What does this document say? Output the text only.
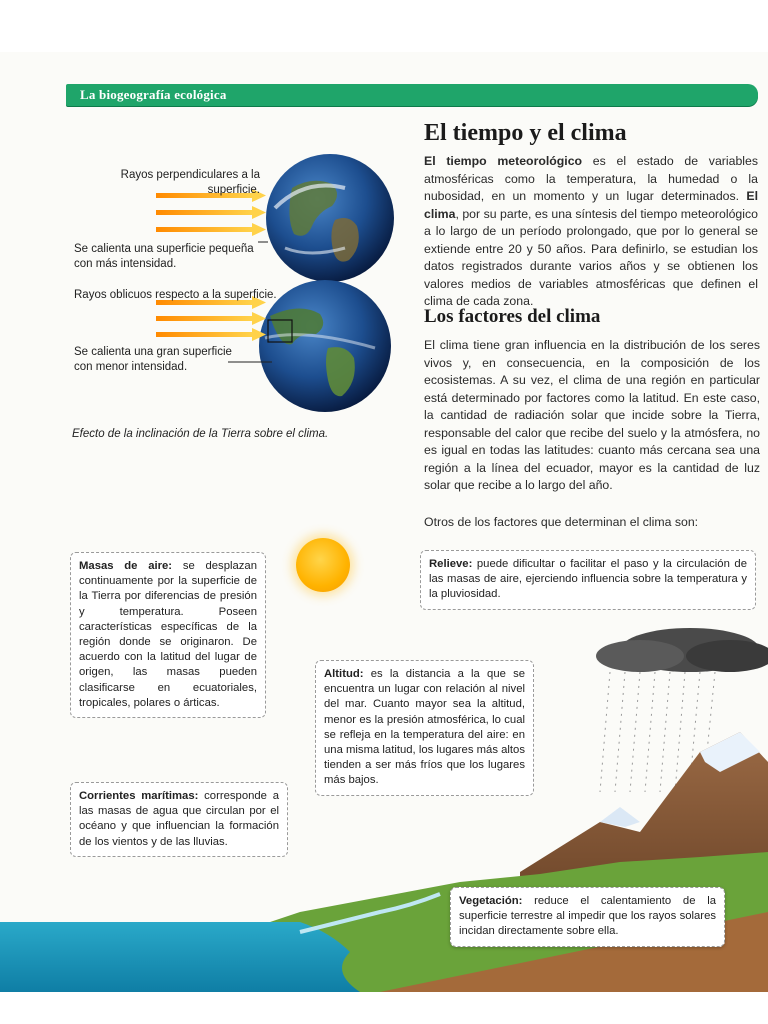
La biogeografía ecológica
Rayos perpendiculares a la superficie.
Se calienta una superficie pequeña con más intensidad.
Rayos oblicuos respecto a la superficie.
Se calienta una gran superficie con menor intensidad.
Efecto de la inclinación de la Tierra sobre el clima.
El tiempo y el clima
El tiempo meteorológico es el estado de variables atmosféricas como la temperatura, la humedad o la nubosidad, en un momento y un lugar determinados. El clima, por su parte, es una síntesis del tiempo meteorológico a lo largo de un período prolongado, que por lo general se extiende entre 20 y 50 años. Para definirlo, se estudian los datos registrados durante varios años y se obtienen los valores medios de variables atmosféricas que definen el clima de cada zona.
Los factores del clima
El clima tiene gran influencia en la distribución de los seres vivos y, en consecuencia, en la composición de los ecosistemas. A su vez, el clima de una región en particular está determinado por factores como la latitud. En este caso, la cantidad de radiación solar que incide sobre la Tierra, responsable del calor que recibe del suelo y la atmósfera, no es igual en todas las latitudes: cuanto más cercana sea una región a la línea del ecuador, mayor es la cantidad de luz solar que recibe a lo largo del año.
Otros de los factores que determinan el clima son:
Masas de aire: se desplazan continuamente por la superficie de la Tierra por diferencias de presión y temperatura. Poseen características específicas de la región donde se originaron. De acuerdo con la latitud del lugar de origen, las masas pueden clasificarse en ecuatoriales, tropicales, polares o árticas.
Relieve: puede dificultar o facilitar el paso y la circulación de las masas de aire, ejerciendo influencia sobre la temperatura y la pluviosidad.
Altitud: es la distancia a la que se encuentra un lugar con relación al nivel del mar. Cuanto mayor sea la altitud, menor es la presión atmosférica, lo cual se refleja en la temperatura del aire: en una misma latitud, los lugares más altos tienden a ser más fríos que los lugares más bajos.
Corrientes marítimas: corresponde a las masas de agua que circulan por el océano y que influencian la formación de los vientos y de las lluvias.
Vegetación: reduce el calentamiento de la superficie terrestre al impedir que los rayos solares incidan directamente sobre ella.
